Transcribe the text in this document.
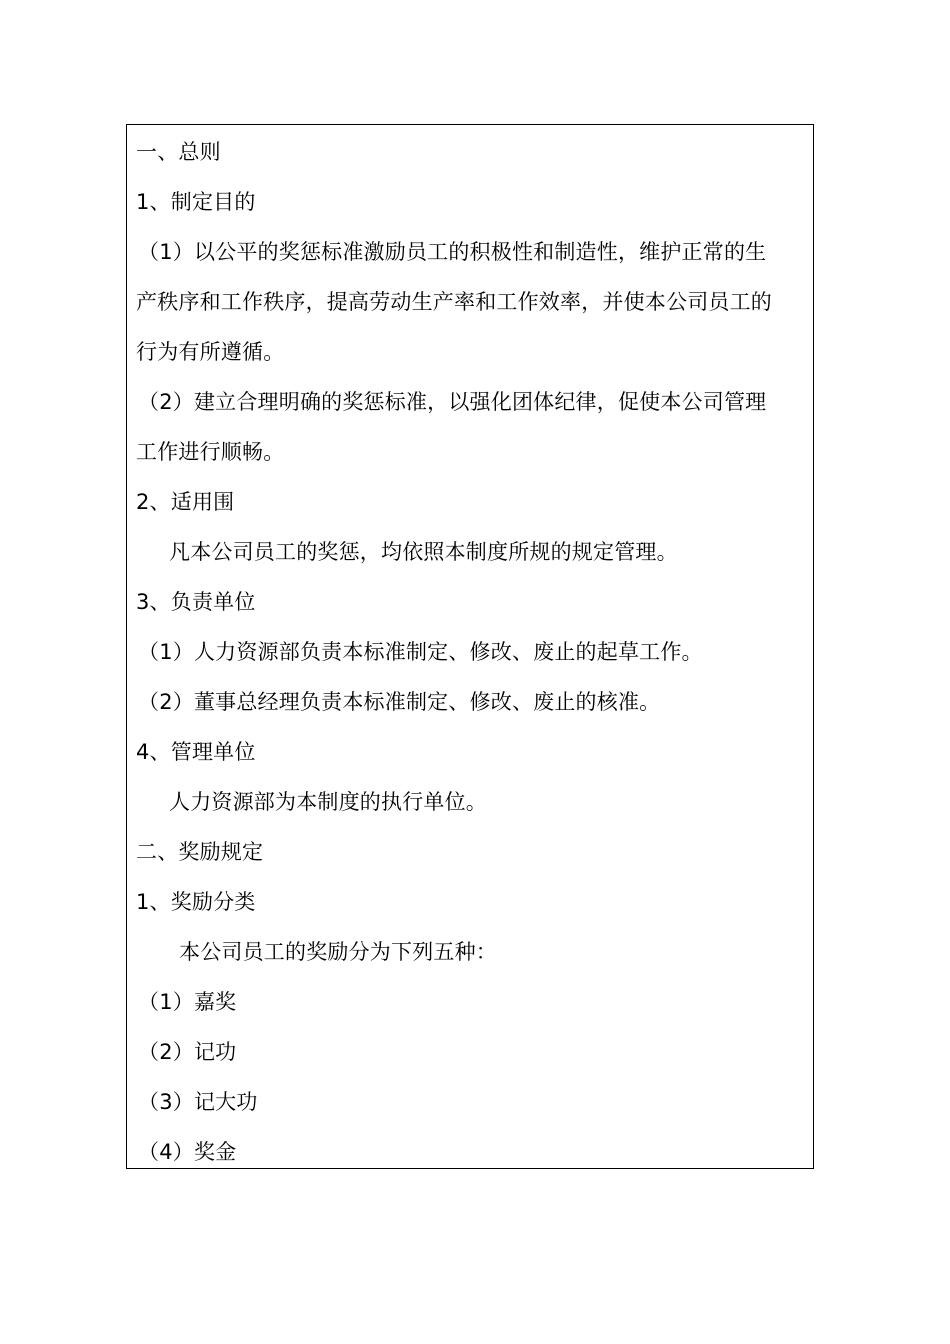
一、总则
1、制定目的
（1）以公平的奖惩标准激励员工的积极性和制造性，维护正常的生
产秩序和工作秩序，提高劳动生产率和工作效率，并使本公司员工的
行为有所遵循。
（2）建立合理明确的奖惩标准，以强化团体纪律，促使本公司管理
工作进行顺畅。
2、适用围
凡本公司员工的奖惩，均依照本制度所规的规定管理。
3、负责单位
（1）人力资源部负责本标准制定、修改、废止的起草工作。
（2）董事总经理负责本标准制定、修改、废止的核准。
4、管理单位
人力资源部为本制度的执行单位。
二、奖励规定
1、奖励分类
本公司员工的奖励分为下列五种：
（1）嘉奖
（2）记功
（3）记大功
（4）奖金
